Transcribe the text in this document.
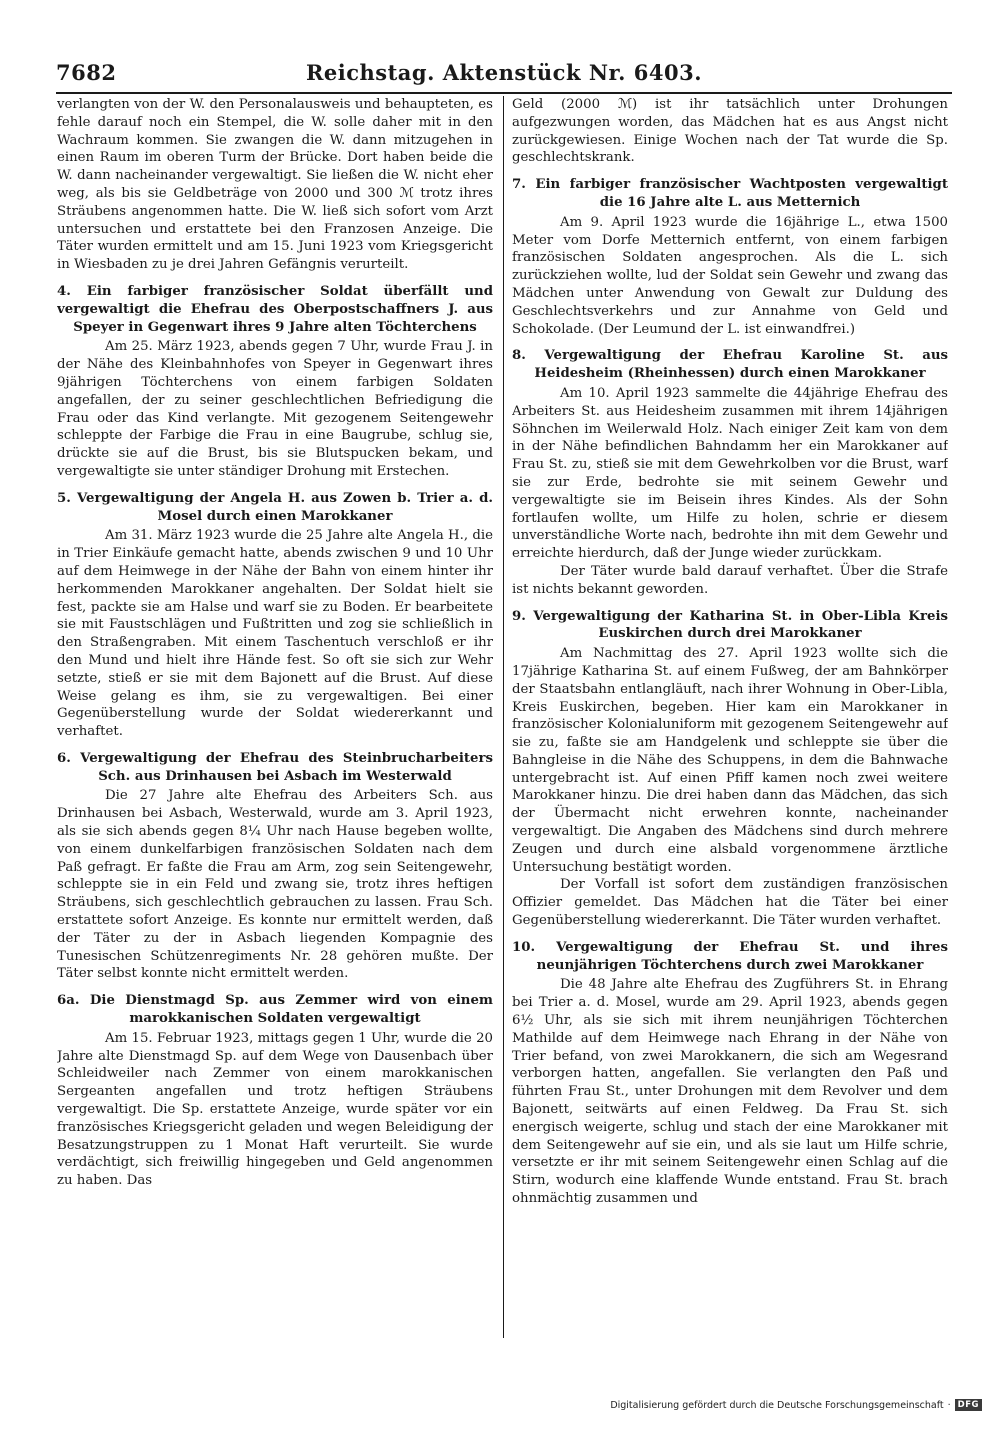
7682	Reichstag. Aktenstück Nr. 6403.

verlangten von der W. den Personalausweis und behaupteten, es fehle darauf noch ein Stempel, die W. solle daher mit in den Wachraum kommen. Sie zwangen die W. dann mitzugehen in einen Raum im oberen Turm der Brücke. Dort haben beide die W. dann nacheinander vergewaltigt. Sie ließen die W. nicht eher weg, als bis sie Geldbeträge von 2000 und 300 ℳ trotz ihres Sträubens angenommen hatte. Die W. ließ sich sofort vom Arzt untersuchen und erstattete bei den Franzosen Anzeige. Die Täter wurden ermittelt und am 15. Juni 1923 vom Kriegsgericht in Wiesbaden zu je drei Jahren Gefängnis verurteilt.

4. Ein farbiger französischer Soldat überfällt und vergewaltigt die Ehefrau des Oberpostschaffners J. aus Speyer in Gegenwart ihres 9 Jahre alten Töchterchens

Am 25. März 1923, abends gegen 7 Uhr, wurde Frau J. in der Nähe des Kleinbahnhofes von Speyer in Gegenwart ihres 9jährigen Töchterchens von einem farbigen Soldaten angefallen, der zu seiner geschlechtlichen Befriedigung die Frau oder das Kind verlangte. Mit gezogenem Seitengewehr schleppte der Farbige die Frau in eine Baugrube, schlug sie, drückte sie auf die Brust, bis sie Blutspucken bekam, und vergewaltigte sie unter ständiger Drohung mit Erstechen.

5. Vergewaltigung der Angela H. aus Zowen b. Trier a. d. Mosel durch einen Marokkaner

Am 31. März 1923 wurde die 25 Jahre alte Angela H., die in Trier Einkäufe gemacht hatte, abends zwischen 9 und 10 Uhr auf dem Heimwege in der Nähe der Bahn von einem hinter ihr herkommenden Marokkaner angehalten. Der Soldat hielt sie fest, packte sie am Halse und warf sie zu Boden. Er bearbeitete sie mit Faustschlägen und Fußtritten und zog sie schließlich in den Straßengraben. Mit einem Taschentuch verschloß er ihr den Mund und hielt ihre Hände fest. So oft sie sich zur Wehr setzte, stieß er sie mit dem Bajonett auf die Brust. Auf diese Weise gelang es ihm, sie zu vergewaltigen. Bei einer Gegenüberstellung wurde der Soldat wiedererkannt und verhaftet.

6. Vergewaltigung der Ehefrau des Steinbrucharbeiters Sch. aus Drinhausen bei Asbach im Westerwald

Die 27 Jahre alte Ehefrau des Arbeiters Sch. aus Drinhausen bei Asbach, Westerwald, wurde am 3. April 1923, als sie sich abends gegen 8¼ Uhr nach Hause begeben wollte, von einem dunkelfarbigen französischen Soldaten nach dem Paß gefragt. Er faßte die Frau am Arm, zog sein Seitengewehr, schleppte sie in ein Feld und zwang sie, trotz ihres heftigen Sträubens, sich geschlechtlich gebrauchen zu lassen. Frau Sch. erstattete sofort Anzeige. Es konnte nur ermittelt werden, daß der Täter zu der in Asbach liegenden Kompagnie des Tunesischen Schützenregiments Nr. 28 gehören mußte. Der Täter selbst konnte nicht ermittelt werden.

6a. Die Dienstmagd Sp. aus Zemmer wird von einem marokkanischen Soldaten vergewaltigt

Am 15. Februar 1923, mittags gegen 1 Uhr, wurde die 20 Jahre alte Dienstmagd Sp. auf dem Wege von Dausenbach über Schleidweiler nach Zemmer von einem marokkanischen Sergeanten angefallen und trotz heftigen Sträubens vergewaltigt. Die Sp. erstattete Anzeige, wurde später vor ein französisches Kriegsgericht geladen und wegen Beleidigung der Besatzungstruppen zu 1 Monat Haft verurteilt. Sie wurde verdächtigt, sich freiwillig hingegeben und Geld angenommen zu haben. Das

Geld (2000 ℳ) ist ihr tatsächlich unter Drohungen aufgezwungen worden, das Mädchen hat es aus Angst nicht zurückgewiesen. Einige Wochen nach der Tat wurde die Sp. geschlechtskrank.

7. Ein farbiger französischer Wachtposten vergewaltigt die 16 Jahre alte L. aus Metternich

Am 9. April 1923 wurde die 16jährige L., etwa 1500 Meter vom Dorfe Metternich entfernt, von einem farbigen französischen Soldaten angesprochen. Als die L. sich zurückziehen wollte, lud der Soldat sein Gewehr und zwang das Mädchen unter Anwendung von Gewalt zur Duldung des Geschlechtsverkehrs und zur Annahme von Geld und Schokolade. (Der Leumund der L. ist einwandfrei.)

8. Vergewaltigung der Ehefrau Karoline St. aus Heidesheim (Rheinhessen) durch einen Marokkaner

Am 10. April 1923 sammelte die 44jährige Ehefrau des Arbeiters St. aus Heidesheim zusammen mit ihrem 14jährigen Söhnchen im Weilerwald Holz. Nach einiger Zeit kam von dem in der Nähe befindlichen Bahndamm her ein Marokkaner auf Frau St. zu, stieß sie mit dem Gewehrkolben vor die Brust, warf sie zur Erde, bedrohte sie mit seinem Gewehr und vergewaltigte sie im Beisein ihres Kindes. Als der Sohn fortlaufen wollte, um Hilfe zu holen, schrie er diesem unverständliche Worte nach, bedrohte ihn mit dem Gewehr und erreichte hierdurch, daß der Junge wieder zurückkam.

Der Täter wurde bald darauf verhaftet. Über die Strafe ist nichts bekannt geworden.

9. Vergewaltigung der Katharina St. in Ober-Libla Kreis Euskirchen durch drei Marokkaner

Am Nachmittag des 27. April 1923 wollte sich die 17jährige Katharina St. auf einem Fußweg, der am Bahnkörper der Staatsbahn entlangläuft, nach ihrer Wohnung in Ober-Libla, Kreis Euskirchen, begeben. Hier kam ein Marokkaner in französischer Kolonialuniform mit gezogenem Seitengewehr auf sie zu, faßte sie am Handgelenk und schleppte sie über die Bahngleise in die Nähe des Schuppens, in dem die Bahnwache untergebracht ist. Auf einen Pfiff kamen noch zwei weitere Marokkaner hinzu. Die drei haben dann das Mädchen, das sich der Übermacht nicht erwehren konnte, nacheinander vergewaltigt. Die Angaben des Mädchens sind durch mehrere Zeugen und durch eine alsbald vorgenommene ärztliche Untersuchung bestätigt worden.

Der Vorfall ist sofort dem zuständigen französischen Offizier gemeldet. Das Mädchen hat die Täter bei einer Gegenüberstellung wiedererkannt. Die Täter wurden verhaftet.

10. Vergewaltigung der Ehefrau St. und ihres neunjährigen Töchterchens durch zwei Marokkaner

Die 48 Jahre alte Ehefrau des Zugführers St. in Ehrang bei Trier a. d. Mosel, wurde am 29. April 1923, abends gegen 6½ Uhr, als sie sich mit ihrem neunjährigen Töchterchen Mathilde auf dem Heimwege nach Ehrang in der Nähe von Trier befand, von zwei Marokkanern, die sich am Wegesrand verborgen hatten, angefallen. Sie verlangten den Paß und führten Frau St., unter Drohungen mit dem Revolver und dem Bajonett, seitwärts auf einen Feldweg. Da Frau St. sich energisch weigerte, schlug und stach der eine Marokkaner mit dem Seitengewehr auf sie ein, und als sie laut um Hilfe schrie, versetzte er ihr mit seinem Seitengewehr einen Schlag auf die Stirn, wodurch eine klaffende Wunde entstand. Frau St. brach ohnmächtig zusammen und

Digitalisierung gefördert durch die Deutsche Forschungsgemeinschaft · DFG
